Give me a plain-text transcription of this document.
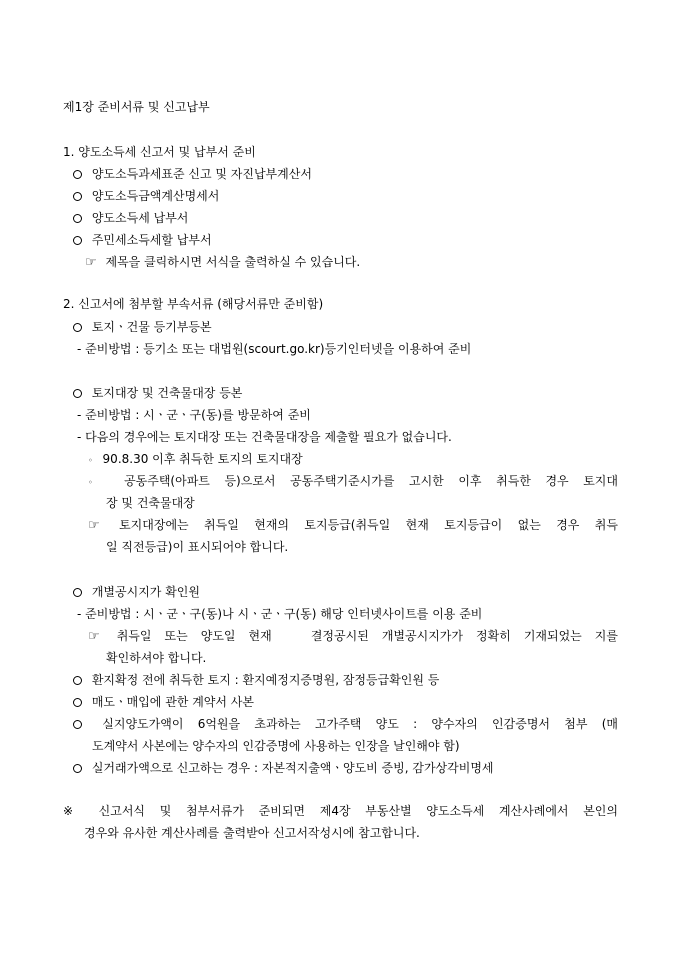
제1장 준비서류 및 신고납부
1. 양도소득세 신고서 및 납부서 준비
양도소득과세표준 신고 및 자진납부계산서
양도소득금액계산명세서
양도소득세 납부서
주민세소득세할 납부서
☞ 제목을 클릭하시면 서식을 출력하실 수 있습니다.
2. 신고서에 첨부할 부속서류 (해당서류만 준비함)
토지ㆍ건물 등기부등본
- 준비방법 : 등기소 또는 대법원(scourt.go.kr)등기인터넷을 이용하여 준비
토지대장 및 건축물대장 등본
- 준비방법 : 시ㆍ군ㆍ구(동)를 방문하여 준비
- 다음의 경우에는 토지대장 또는 건축물대장을 제출할 필요가 없습니다.
◦ 90.8.30 이후 취득한 토지의 토지대장
◦ 공동주택(아파트 등)으로서 공동주택기준시가를 고시한 이후 취득한 경우 토지대
장 및 건축물대장
☞ 토지대장에는 취득일 현재의 토지등급(취득일 현재 토지등급이 없는 경우 취득
일 직전등급)이 표시되어야 합니다.
개별공시지가 확인원
- 준비방법 : 시ㆍ군ㆍ구(동)나 시ㆍ군ㆍ구(동) 해당 인터넷사이트를 이용 준비
☞ 취득일 또는 양도일 현재   결정공시된 개별공시지가가 정확히 기재되었는 지를
확인하셔야 합니다.
환지확정 전에 취득한 토지 : 환지예정지증명원, 잠정등급확인원 등
매도ㆍ매입에 관한 계약서 사본
실지양도가액이 6억원을 초과하는 고가주택 양도 : 양수자의 인감증명서 첨부 (매
도계약서 사본에는 양수자의 인감증명에 사용하는 인장을 날인해야 함)
실거래가액으로 신고하는 경우 : 자본적지출액ㆍ양도비 증빙, 감가상각비명세
※ 신고서식 및 첨부서류가 준비되면 제4장 부동산별 양도소득세 계산사례에서 본인의
경우와 유사한 계산사례를 출력받아 신고서작성시에 참고합니다.
